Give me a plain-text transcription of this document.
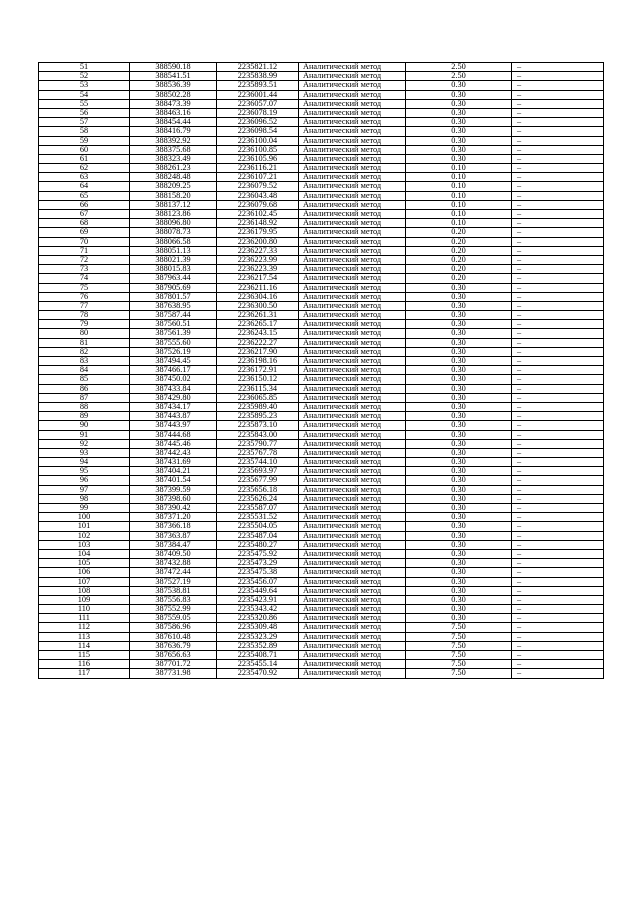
51	388590.18	2235821.12	Аналитический метод	2.50	–
52	388541.51	2235838.99	Аналитический метод	2.50	–
53	388536.39	2235893.51	Аналитический метод	0.30	–
54	388502.28	2236001.44	Аналитический метод	0.30	–
55	388473.39	2236057.07	Аналитический метод	0.30	–
56	388463.16	2236078.19	Аналитический метод	0.30	–
57	388454.44	2236096.52	Аналитический метод	0.30	–
58	388416.79	2236098.54	Аналитический метод	0.30	–
59	388392.92	2236100.04	Аналитический метод	0.30	–
60	388375.68	2236100.85	Аналитический метод	0.30	–
61	388323.49	2236105.96	Аналитический метод	0.30	–
62	388261.23	2236116.21	Аналитический метод	0.10	–
63	388248.48	2236107.21	Аналитический метод	0.10	–
64	388209.25	2236079.52	Аналитический метод	0.10	–
65	388158.20	2236043.48	Аналитический метод	0.10	–
66	388137.12	2236079.68	Аналитический метод	0.10	–
67	388123.86	2236102.45	Аналитический метод	0.10	–
68	388096.80	2236148.92	Аналитический метод	0.10	–
69	388078.73	2236179.95	Аналитический метод	0.20	–
70	388066.58	2236200.80	Аналитический метод	0.20	–
71	388051.13	2236227.33	Аналитический метод	0.20	–
72	388021.39	2236223.99	Аналитический метод	0.20	–
73	388015.83	2236223.39	Аналитический метод	0.20	–
74	387963.44	2236217.54	Аналитический метод	0.20	–
75	387905.69	2236211.16	Аналитический метод	0.30	–
76	387801.57	2236304.16	Аналитический метод	0.30	–
77	387638.95	2236300.50	Аналитический метод	0.30	–
78	387587.44	2236261.31	Аналитический метод	0.30	–
79	387560.51	2236265.17	Аналитический метод	0.30	–
80	387561.39	2236243.15	Аналитический метод	0.30	–
81	387555.60	2236222.27	Аналитический метод	0.30	–
82	387526.19	2236217.90	Аналитический метод	0.30	–
83	387494.45	2236198.16	Аналитический метод	0.30	–
84	387466.17	2236172.91	Аналитический метод	0.30	–
85	387450.02	2236150.12	Аналитический метод	0.30	–
86	387433.84	2236115.34	Аналитический метод	0.30	–
87	387429.80	2236065.85	Аналитический метод	0.30	–
88	387434.17	2235989.40	Аналитический метод	0.30	–
89	387443.87	2235895.23	Аналитический метод	0.30	–
90	387443.97	2235873.10	Аналитический метод	0.30	–
91	387444.68	2235843.00	Аналитический метод	0.30	–
92	387445.46	2235790.77	Аналитический метод	0.30	–
93	387442.43	2235767.78	Аналитический метод	0.30	–
94	387431.69	2235744.10	Аналитический метод	0.30	–
95	387404.21	2235693.97	Аналитический метод	0.30	–
96	387401.54	2235677.99	Аналитический метод	0.30	–
97	387399.59	2235656.18	Аналитический метод	0.30	–
98	387398.60	2235626.24	Аналитический метод	0.30	–
99	387390.42	2235587.07	Аналитический метод	0.30	–
100	387371.20	2235531.52	Аналитический метод	0.30	–
101	387366.18	2235504.05	Аналитический метод	0.30	–
102	387363.87	2235487.04	Аналитический метод	0.30	–
103	387384.47	2235480.27	Аналитический метод	0.30	–
104	387409.50	2235475.92	Аналитический метод	0.30	–
105	387432.88	2235473.29	Аналитический метод	0.30	–
106	387472.44	2235475.38	Аналитический метод	0.30	–
107	387527.19	2235456.07	Аналитический метод	0.30	–
108	387538.81	2235449.64	Аналитический метод	0.30	–
109	387556.83	2235423.91	Аналитический метод	0.30	–
110	387552.99	2235343.42	Аналитический метод	0.30	–
111	387559.05	2235320.86	Аналитический метод	0.30	–
112	387586.96	2235309.48	Аналитический метод	7.50	–
113	387610.48	2235323.29	Аналитический метод	7.50	–
114	387636.79	2235352.89	Аналитический метод	7.50	–
115	387656.63	2235408.71	Аналитический метод	7.50	–
116	387701.72	2235455.14	Аналитический метод	7.50	–
117	387731.98	2235470.92	Аналитический метод	7.50	–
